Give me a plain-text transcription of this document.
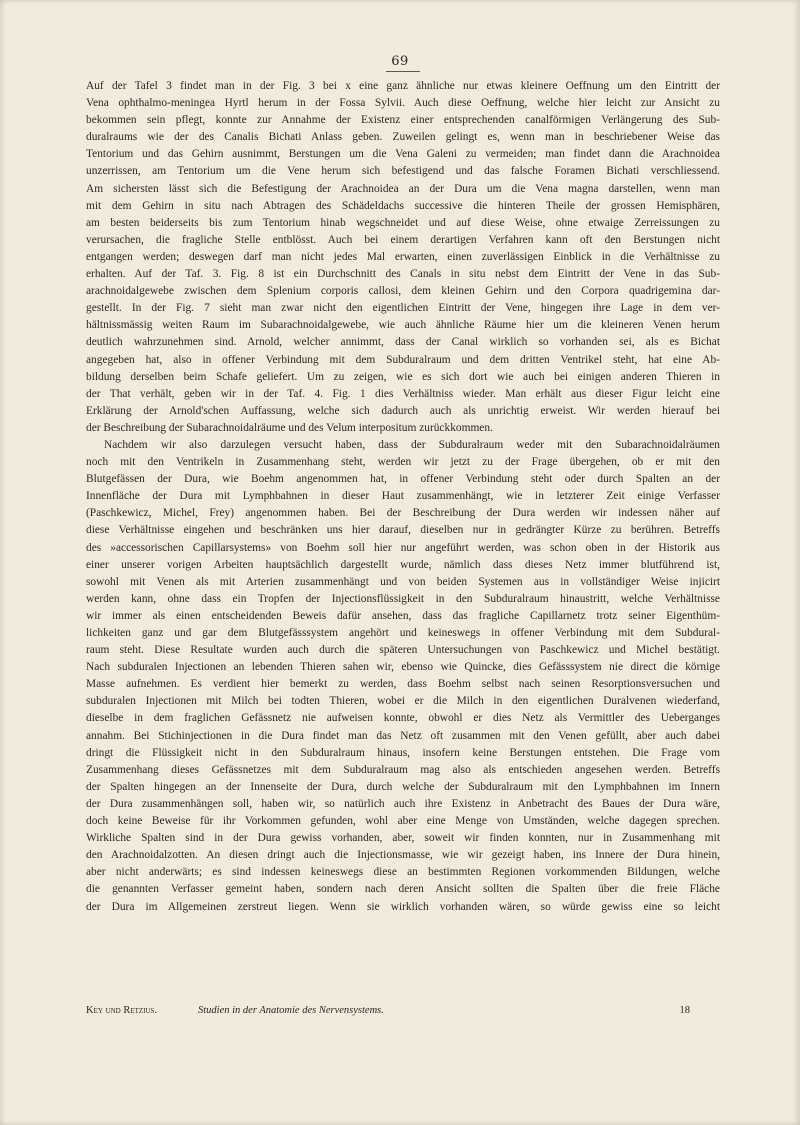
69
Auf der Tafel 3 findet man in der Fig. 3 bei x eine ganz ähnliche nur etwas kleinere Oeffnung um den Eintritt der
Vena ophthalmo-meningea Hyrtl herum in der Fossa Sylvii. Auch diese Oeffnung, welche hier leicht zur Ansicht zu
bekommen sein pflegt, konnte zur Annahme der Existenz einer entsprechenden canalförmigen Verlängerung des Sub-
duralraums wie der des Canalis Bichati Anlass geben. Zuweilen gelingt es, wenn man in beschriebener Weise das
Tentorium und das Gehirn ausnimmt, Berstungen um die Vena Galeni zu vermeiden; man findet dann die Arachnoidea
unzerrissen, am Tentorium um die Vene herum sich befestigend und das falsche Foramen Bichati verschliessend.
Am sichersten lässt sich die Befestigung der Arachnoidea an der Dura um die Vena magna darstellen, wenn man
mit dem Gehirn in situ nach Abtragen des Schädeldachs successive die hinteren Theile der grossen Hemisphären,
am besten beiderseits bis zum Tentorium hinab wegschneidet und auf diese Weise, ohne etwaige Zerreissungen zu
verursachen, die fragliche Stelle entblösst. Auch bei einem derartigen Verfahren kann oft den Berstungen nicht
entgangen werden; deswegen darf man nicht jedes Mal erwarten, einen zuverlässigen Einblick in die Verhältnisse zu
erhalten. Auf der Taf. 3. Fig. 8 ist ein Durchschnitt des Canals in situ nebst dem Eintritt der Vene in das Sub-
arachnoidalgewebe zwischen dem Splenium corporis callosi, dem kleinen Gehirn und den Corpora quadrigemina dar-
gestellt. In der Fig. 7 sieht man zwar nicht den eigentlichen Eintritt der Vene, hingegen ihre Lage in dem ver-
hältnissmässig weiten Raum im Subarachnoidalgewebe, wie auch ähnliche Räume hier um die kleineren Venen herum
deutlich wahrzunehmen sind. Arnold, welcher annimmt, dass der Canal wirklich so vorhanden sei, als es Bichat
angegeben hat, also in offener Verbindung mit dem Subduralraum und dem dritten Ventrikel steht, hat eine Ab-
bildung derselben beim Schafe geliefert. Um zu zeigen, wie es sich dort wie auch bei einigen anderen Thieren in
der That verhält, geben wir in der Taf. 4. Fig. 1 dies Verhältniss wieder. Man erhält aus dieser Figur leicht eine
Erklärung der Arnold'schen Auffassung, welche sich dadurch auch als unrichtig erweist. Wir werden hierauf bei
der Beschreibung der Subarachnoidalräume und des Velum interpositum zurückkommen.
Nachdem wir also darzulegen versucht haben, dass der Subduralraum weder mit den Subarachnoidalräumen
noch mit den Ventrikeln in Zusammenhang steht, werden wir jetzt zu der Frage übergehen, ob er mit den
Blutgefässen der Dura, wie Boehm angenommen hat, in offener Verbindung steht oder durch Spalten an der
Innenfläche der Dura mit Lymphbahnen in dieser Haut zusammenhängt, wie in letzterer Zeit einige Verfasser
(Paschkewicz, Michel, Frey) angenommen haben. Bei der Beschreibung der Dura werden wir indessen näher auf
diese Verhältnisse eingehen und beschränken uns hier darauf, dieselben nur in gedrängter Kürze zu berühren. Betreffs
des »accessorischen Capillarsystems» von Boehm soll hier nur angeführt werden, was schon oben in der Historik aus
einer unserer vorigen Arbeiten hauptsächlich dargestellt wurde, nämlich dass dieses Netz immer blutführend ist,
sowohl mit Venen als mit Arterien zusammenhängt und von beiden Systemen aus in vollständiger Weise injicirt
werden kann, ohne dass ein Tropfen der Injectionsflüssigkeit in den Subduralraum hinaustritt, welche Verhältnisse
wir immer als einen entscheidenden Beweis dafür ansehen, dass das fragliche Capillarnetz trotz seiner Eigenthüm-
lichkeiten ganz und gar dem Blutgefässsystem angehört und keineswegs in offener Verbindung mit dem Subdural-
raum steht. Diese Resultate wurden auch durch die späteren Untersuchungen von Paschkewicz und Michel bestätigt.
Nach subduralen Injectionen an lebenden Thieren sahen wir, ebenso wie Quincke, dies Gefässsystem nie direct die körnige
Masse aufnehmen. Es verdient hier bemerkt zu werden, dass Boehm selbst nach seinen Resorptionsversuchen und
subduralen Injectionen mit Milch bei todten Thieren, wobei er die Milch in den eigentlichen Duralvenen wiederfand,
dieselbe in dem fraglichen Gefässnetz nie aufweisen konnte, obwohl er dies Netz als Vermittler des Ueberganges
annahm. Bei Stichinjectionen in die Dura findet man das Netz oft zusammen mit den Venen gefüllt, aber auch dabei
dringt die Flüssigkeit nicht in den Subduralraum hinaus, insofern keine Berstungen entstehen. Die Frage vom
Zusammenhang dieses Gefässnetzes mit dem Subduralraum mag also als entschieden angesehen werden. Betreffs
der Spalten hingegen an der Innenseite der Dura, durch welche der Subduralraum mit den Lymphbahnen im Innern
der Dura zusammenhängen soll, haben wir, so natürlich auch ihre Existenz in Anbetracht des Baues der Dura wäre,
doch keine Beweise für ihr Vorkommen gefunden, wohl aber eine Menge von Umständen, welche dagegen sprechen.
Wirkliche Spalten sind in der Dura gewiss vorhanden, aber, soweit wir finden konnten, nur in Zusammenhang mit
den Arachnoidalzotten. An diesen dringt auch die Injectionsmasse, wie wir gezeigt haben, ins Innere der Dura hinein,
aber nicht anderwärts; es sind indessen keineswegs diese an bestimmten Regionen vorkommenden Bildungen, welche
die genannten Verfasser gemeint haben, sondern nach deren Ansicht sollten die Spalten über die freie Fläche
der Dura im Allgemeinen zerstreut liegen. Wenn sie wirklich vorhanden wären, so würde gewiss eine so leicht
Key und Retzius.	Studien in der Anatomie des Nervensystems.	18
